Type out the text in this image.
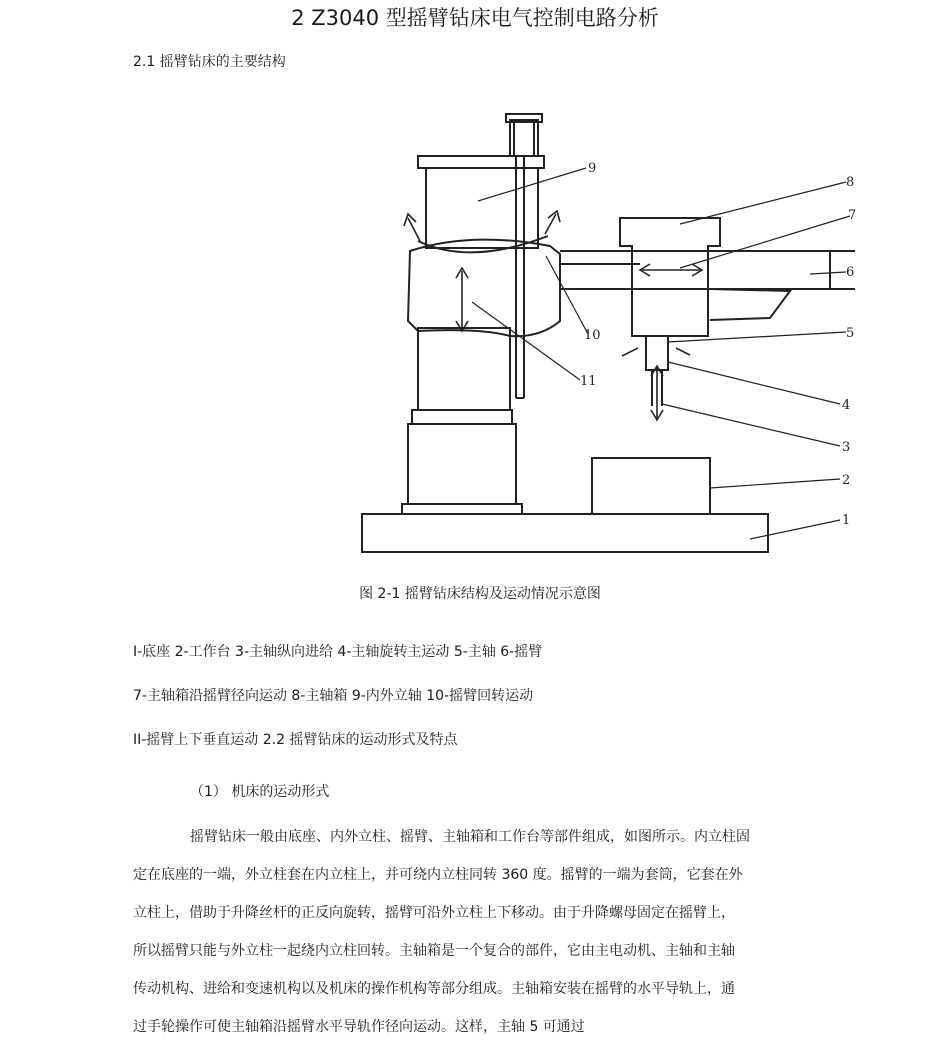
2 Z3040 型摇臂钻床电气控制电路分析
2.1 摇臂钻床的主要结构
1
2
3
4
5
6
7
8
9
10
11
图 2-1 摇臂钻床结构及运动情况示意图
I-底座 2-工作台 3-主轴纵向进给 4-主轴旋转主运动 5-主轴 6-摇臂
7-主轴箱沿摇臂径向运动 8-主轴箱 9-内外立轴 10-摇臂回转运动
II-摇臂上下垂直运动 2.2 摇臂钻床的运动形式及特点
（1） 机床的运动形式
摇臂钻床一般由底座、内外立柱、摇臂、主轴箱和工作台等部件组成，如图所示。内立柱固
定在底座的一端，外立柱套在内立柱上，并可绕内立柱同转 360 度。摇臂的一端为套筒，它套在外
立柱上，借助于升降丝杆的正反向旋转，摇臂可沿外立柱上下移动。由于升降螺母固定在摇臂上，
所以摇臂只能与外立柱一起绕内立柱回转。主轴箱是一个复合的部件，它由主电动机、主轴和主轴
传动机构、进给和变速机构以及机床的操作机构等部分组成。主轴箱安装在摇臂的水平导轨上，通
过手轮操作可使主轴箱沿摇臂水平导轨作径向运动。这样，主轴 5 可通过
